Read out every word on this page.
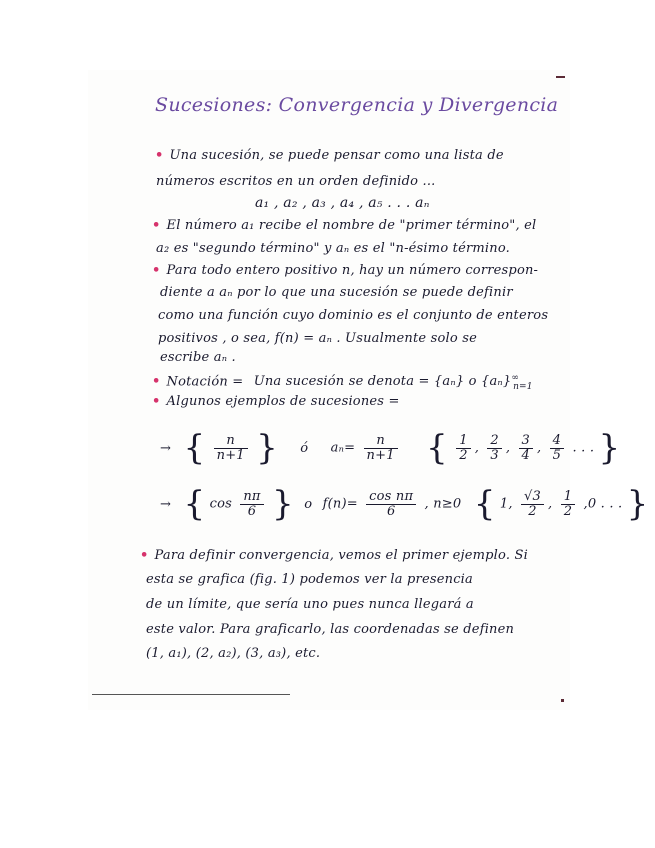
Sucesiones: Convergencia y Divergencia
• Una sucesión, se puede pensar como una lista de
números escritos en un orden definido ...
a₁ , a₂ , a₃ , a₄ , a₅ . . . aₙ
• El número a₁ recibe el nombre de "primer término", el
a₂ es "segundo término" y aₙ es el "n-ésimo término.
• Para todo entero positivo n, hay un número correspon-
diente a aₙ por lo que una sucesión se puede definir
como una función cuyo dominio es el conjunto de enteros
positivos , o sea, f(n) = aₙ . Usualmente solo se
escribe aₙ .
• Notación = Una sucesión se denota = {aₙ} o $\{a_n\}^\infty_{n=1}$
• Algunos ejemplos de sucesiones =
→ { $\frac{n}{n+1}$ } ó $a_n= \frac{n}{n+1}$ { $\frac{1}{2}$ , $\frac{2}{3}$ , $\frac{3}{4}$ , $\frac{4}{5}$ . . . }
→ { $\cos \frac{n\pi}{6}$ } o $f(n)= \frac{\text{cos nπ}}{6}$ , n≥0 { 1, $\frac{√3}{2}$ , $\frac{1}{2} ,0$ . . . }
• Para definir convergencia, vemos el primer ejemplo. Si
esta se grafica (fig. 1) podemos ver la presencia
de un límite, que sería uno pues nunca llegará a
este valor. Para graficarlo, las coordenadas se definen
(1, a₁), (2, a₂), (3, a₃), etc.
